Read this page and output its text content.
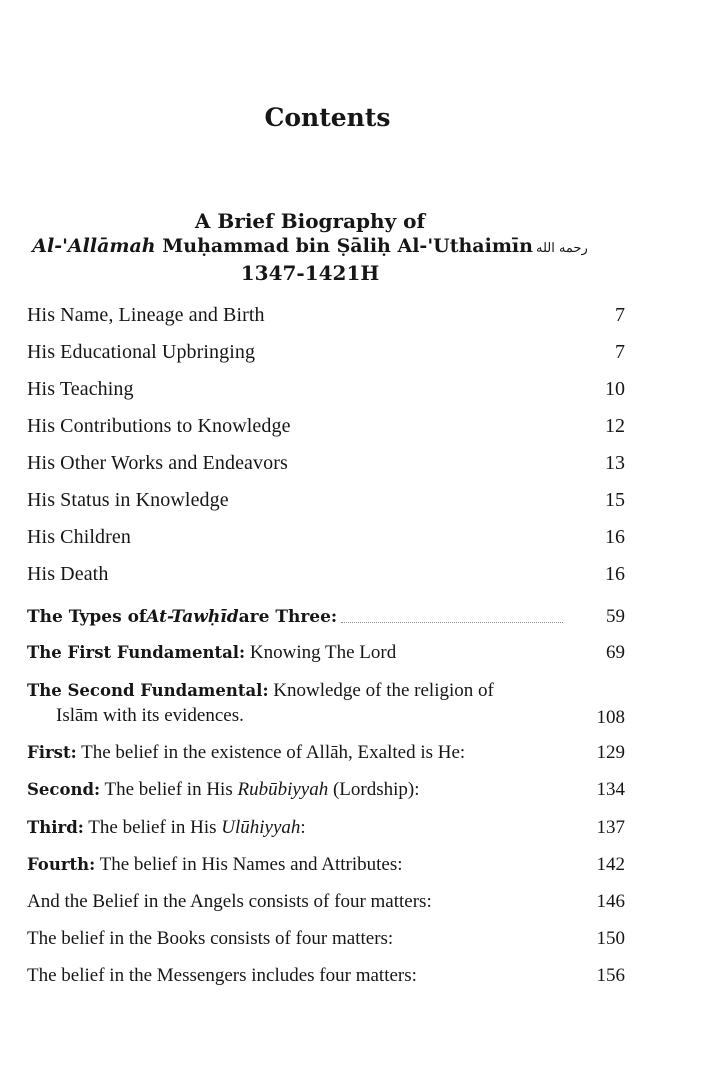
Contents
A Brief Biography of
Al-'Allāmah Muḥammad bin Ṣāliḥ Al-'Uthaimīn رحمه الله
1347-1421H
His Name, Lineage and Birth	7
His Educational Upbringing	7
His Teaching	10
His Contributions to Knowledge	12
His Other Works and Endeavors	13
His Status in Knowledge	15
His Children	16
His Death	16
The Types of At-Tawḥīd are Three:	59
The First Fundamental: Knowing The Lord	69
The Second Fundamental: Knowledge of the religion of
Islām with its evidences.	108
First: The belief in the existence of Allāh, Exalted is He:	129
Second: The belief in His Rubūbiyyah (Lordship):	134
Third: The belief in His Ulūhiyyah:	137
Fourth: The belief in His Names and Attributes:	142
And the Belief in the Angels consists of four matters:	146
The belief in the Books consists of four matters:	150
The belief in the Messengers includes four matters:	156
